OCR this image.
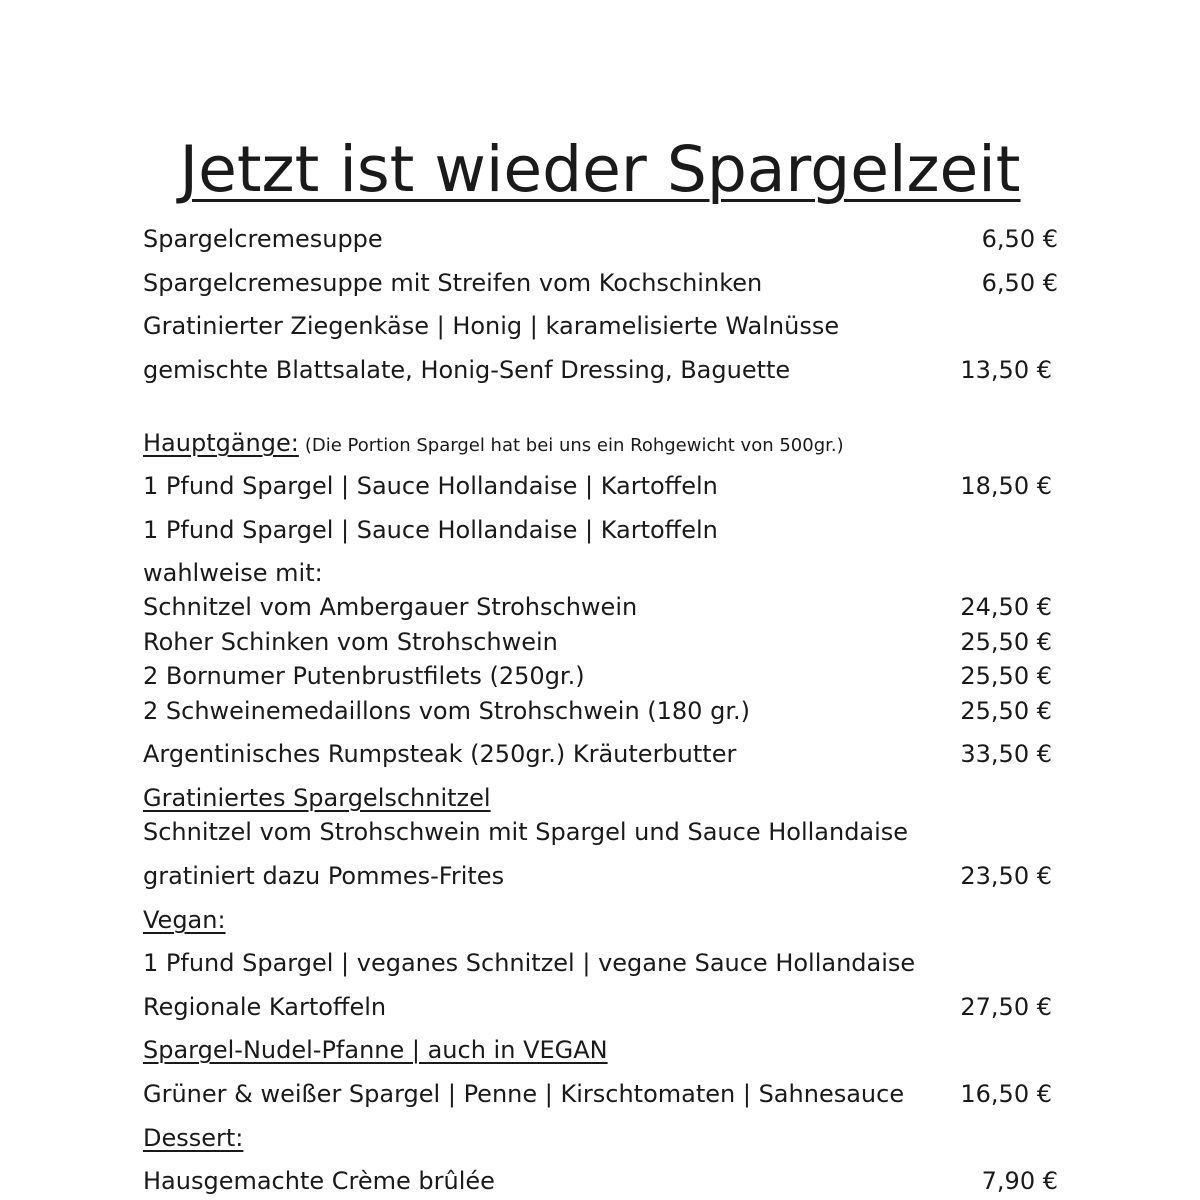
Jetzt ist wieder Spargelzeit
Spargelcremesuppe	6,50 €
Spargelcremesuppe mit Streifen vom Kochschinken	6,50 €
Gratinierter Ziegenkäse | Honig | karamelisierte Walnüsse
gemischte Blattsalate, Honig-Senf Dressing, Baguette	13,50 €
Hauptgänge: (Die Portion Spargel hat bei uns ein Rohgewicht von 500gr.)
1 Pfund Spargel | Sauce Hollandaise | Kartoffeln	18,50 €
1 Pfund Spargel | Sauce Hollandaise | Kartoffeln
wahlweise mit:
Schnitzel vom Ambergauer Strohschwein	24,50 €
Roher Schinken vom Strohschwein	25,50 €
2 Bornumer Putenbrustfilets (250gr.)	25,50 €
2 Schweinemedaillons vom Strohschwein (180 gr.)	25,50 €
Argentinisches Rumpsteak (250gr.) Kräuterbutter	33,50 €
Gratiniertes Spargelschnitzel
Schnitzel vom Strohschwein mit Spargel und Sauce Hollandaise
gratiniert dazu Pommes-Frites	23,50 €
Vegan:
1 Pfund Spargel | veganes Schnitzel | vegane Sauce Hollandaise
Regionale Kartoffeln	27,50 €
Spargel-Nudel-Pfanne | auch in VEGAN
Grüner & weißer Spargel | Penne | Kirschtomaten | Sahnesauce 16,50 €
Dessert:
Hausgemachte Crème brûlée	7,90 €
